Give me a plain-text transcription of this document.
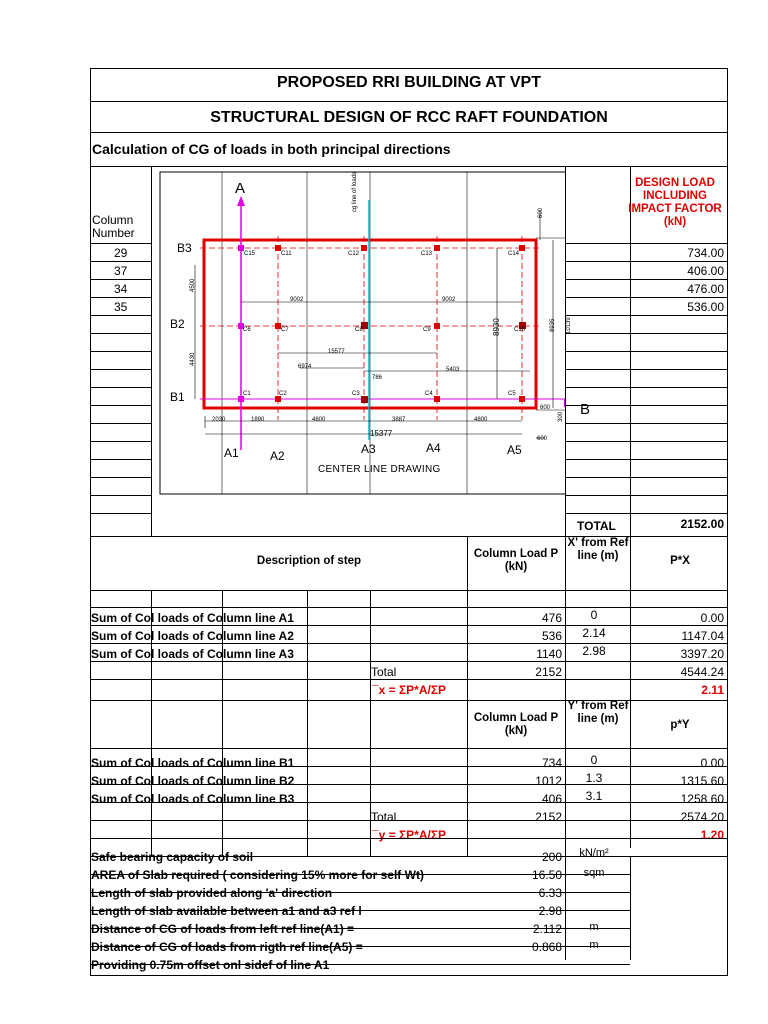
PROPOSED RRI BUILDING AT VPT
STRUCTURAL DESIGN OF RCC RAFT FOUNDATION
Calculation of CG of loads in both principal directions
Column
Number
DESIGN LOAD INCLUDING IMPACT FACTOR (kN)
29	734.00
37	406.00
34	476.00
35	536.00
A
B
cg line of loads
B3
B2
B1
A1	A2	A3	A4	A5
CENTER LINE DRAWING
C15	C11	C12	C13	C14
C6	C7	C8	C9	C10
C1	C2	C3	C4	C5
2030	1890	4800	3887	4800
9002	9002
15577
6974	5403
15377
600
600
600
4500
4430
8930	8935 10139
786
300
TOTAL	2152.00
Description of step
Column Load P (kN)
X' from Ref line (m)	P*X
Sum of Col loads of Column line A1	476	0	0.00
Sum of Col loads of Column line A2	536	2.14	1147.04
Sum of Col loads of Column line A3	1140	2.98	3397.20
Total	2152	4544.24
¯x = ΣP*A/ΣP	2.11
Column Load P (kN)
Y' from Ref line (m)	p*Y
Sum of Col loads of Column line B1	734	0	0.00
Sum of Col loads of Column line B2	1012	1.3	1315.60
Sum of Col loads of Column line B3	406	3.1	1258.60
Total	2152	2574.20
¯y = ΣP*A/ΣP	1.20
Safe bearing capacity of soil	200	kN/m²
AREA of Slab required ( considering 15% more for self Wt)	16.50	sqm
Length of slab provided along 'a' direction	6.33
Length of slab available between a1 and a3 ref l	2.98
Distance of CG of loads from left ref line(A1) =	2.112	m
Distance of CG of loads from rigth ref line(A5) =	0.868	m
Providing 0.75m offset onl sidef of line A1
